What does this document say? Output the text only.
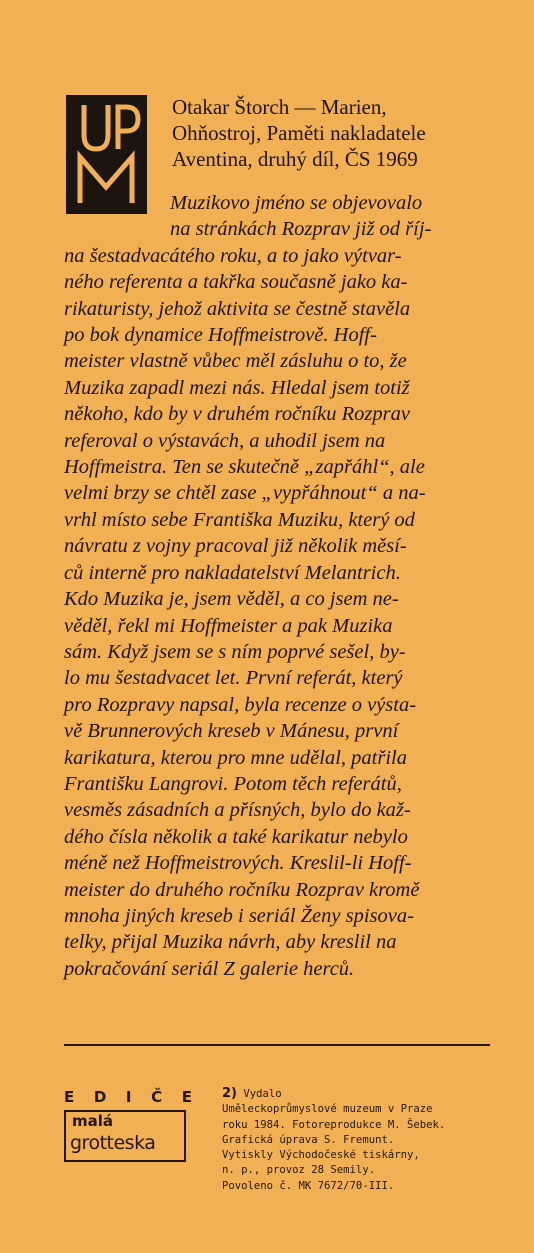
Otakar Štorch — Marien,
Ohňostroj, Paměti nakladatele
Aventina, druhý díl, ČS 1969
Muzikovo jméno se objevovalo
na stránkách Rozprav již od říj-
na šestadvacátého roku, a to jako výtvar-
ného referenta a takřka současně jako ka-
rikaturisty, jehož aktivita se čestně stavěla
po bok dynamice Hoffmeistrově. Hoff-
meister vlastně vůbec měl zásluhu o to, že
Muzika zapadl mezi nás. Hledal jsem totiž
někoho, kdo by v druhém ročníku Rozprav
referoval o výstavách, a uhodil jsem na
Hoffmeistra. Ten se skutečně „zapřáhl“, ale
velmi brzy se chtěl zase „vypřáhnout“ a na-
vrhl místo sebe Františka Muziku, který od
návratu z vojny pracoval již několik měsí-
ců interně pro nakladatelství Melantrich.
Kdo Muzika je, jsem věděl, a co jsem ne-
věděl, řekl mi Hoffmeister a pak Muzika
sám. Když jsem se s ním poprvé sešel, by-
lo mu šestadvacet let. První referát, který
pro Rozpravy napsal, byla recenze o výsta-
vě Brunnerových kreseb v Mánesu, první
karikatura, kterou pro mne udělal, patřila
Františku Langrovi. Potom těch referátů,
vesměs zásadních a přísných, bylo do kaž-
dého čísla několik a také karikatur nebylo
méně než Hoffmeistrových. Kreslil-li Hoff-
meister do druhého ročníku Rozprav kromě
mnoha jiných kreseb i seriál Ženy spisova-
telky, přijal Muzika návrh, aby kreslil na
pokračování seriál Z galerie herců.
E D I Č E
malá
grotteska
2) Vydalo
Uměleckoprůmyslové muzeum v Praze
roku 1984. Fotoreprodukce M. Šebek.
Grafická úprava S. Fremunt.
Vytiskly Východočeské tiskárny,
n. p., provoz 28 Semily.
Povoleno č. MK 7672/70-III.
